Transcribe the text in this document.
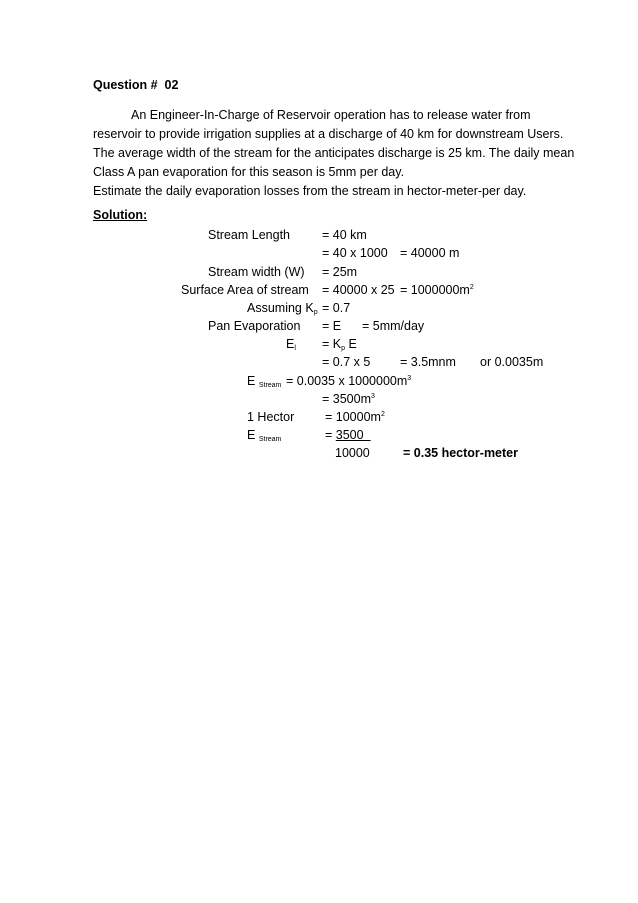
Question #  02

An Engineer-In-Charge of Reservoir operation has to release water from reservoir to provide irrigation supplies at a discharge of 40 km for downstream Users. The average width of the stream for the anticipates discharge is 25 km. The daily mean Class A pan evaporation for this season is 5mm per day.

Estimate the daily evaporation losses from the stream in hector-meter-per day.

Solution:
Stream Length	= 40 km
= 40 x 1000 = 40000 m
Stream width (W) = 25m
Surface Area of stream = 40000 x $25 = 1000000m^2$
Assuming $K_p = 0.7$
Pan Evaporation = E = 5mm/day
$E_l = K_p$ E
= 0.7 x 5 = 3.5mnm or 0.0035m
E $_{Stream}$ = 0.0035 x $1000000m^3$
= $3500m^3$
1 Hector = $10000m^2$
E $_{Stream}$	= 3500
10000	= 0.35 hector-meter
